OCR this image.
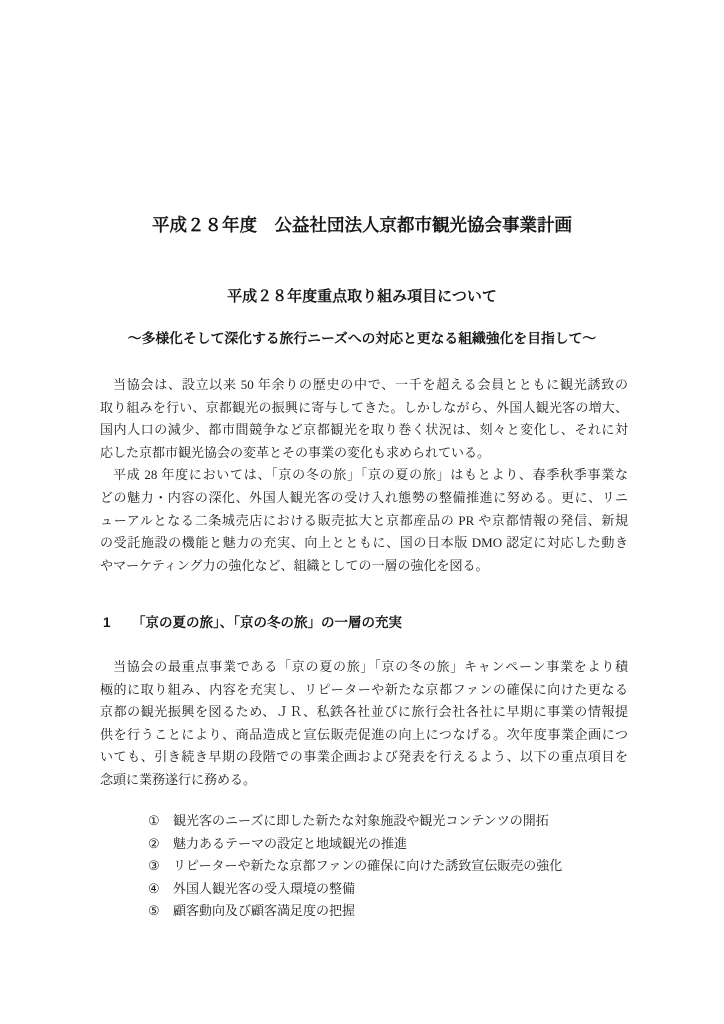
平成２８年度　公益社団法人京都市観光協会事業計画
平成２８年度重点取り組み項目について
～多様化そして深化する旅行ニーズへの対応と更なる組織強化を目指して～
当協会は、設立以来 50 年余りの歴史の中で、一千を超える会員とともに観光誘致の
取り組みを行い、京都観光の振興に寄与してきた。しかしながら、外国人観光客の増大、
国内人口の減少、都市間競争など京都観光を取り巻く状況は、刻々と変化し、それに対
応した京都市観光協会の変革とその事業の変化も求められている。
平成 28 年度においては、「京の冬の旅」「京の夏の旅」はもとより、春季秋季事業な
どの魅力・内容の深化、外国人観光客の受け入れ態勢の整備推進に努める。更に、リニ
ューアルとなる二条城売店における販売拡大と京都産品の PR や京都情報の発信、新規
の受託施設の機能と魅力の充実、向上とともに、国の日本版 DMO 認定に対応した動き
やマーケティング力の強化など、組織としての一層の強化を図る。
1	「京の夏の旅」、「京の冬の旅」の一層の充実
当協会の最重点事業である「京の夏の旅」「京の冬の旅」キャンペーン事業をより積
極的に取り組み、内容を充実し、リピーターや新たな京都ファンの確保に向けた更なる
京都の観光振興を図るため、ＪＲ、私鉄各社並びに旅行会社各社に早期に事業の情報提
供を行うことにより、商品造成と宣伝販売促進の向上につなげる。次年度事業企画につ
いても、引き続き早期の段階での事業企画および発表を行えるよう、以下の重点項目を
念頭に業務遂行に務める。
①	観光客のニーズに即した新たな対象施設や観光コンテンツの開拓
②	魅力あるテーマの設定と地域観光の推進
③	リピーターや新たな京都ファンの確保に向けた誘致宣伝販売の強化
④	外国人観光客の受入環境の整備
⑤	顧客動向及び顧客満足度の把握
